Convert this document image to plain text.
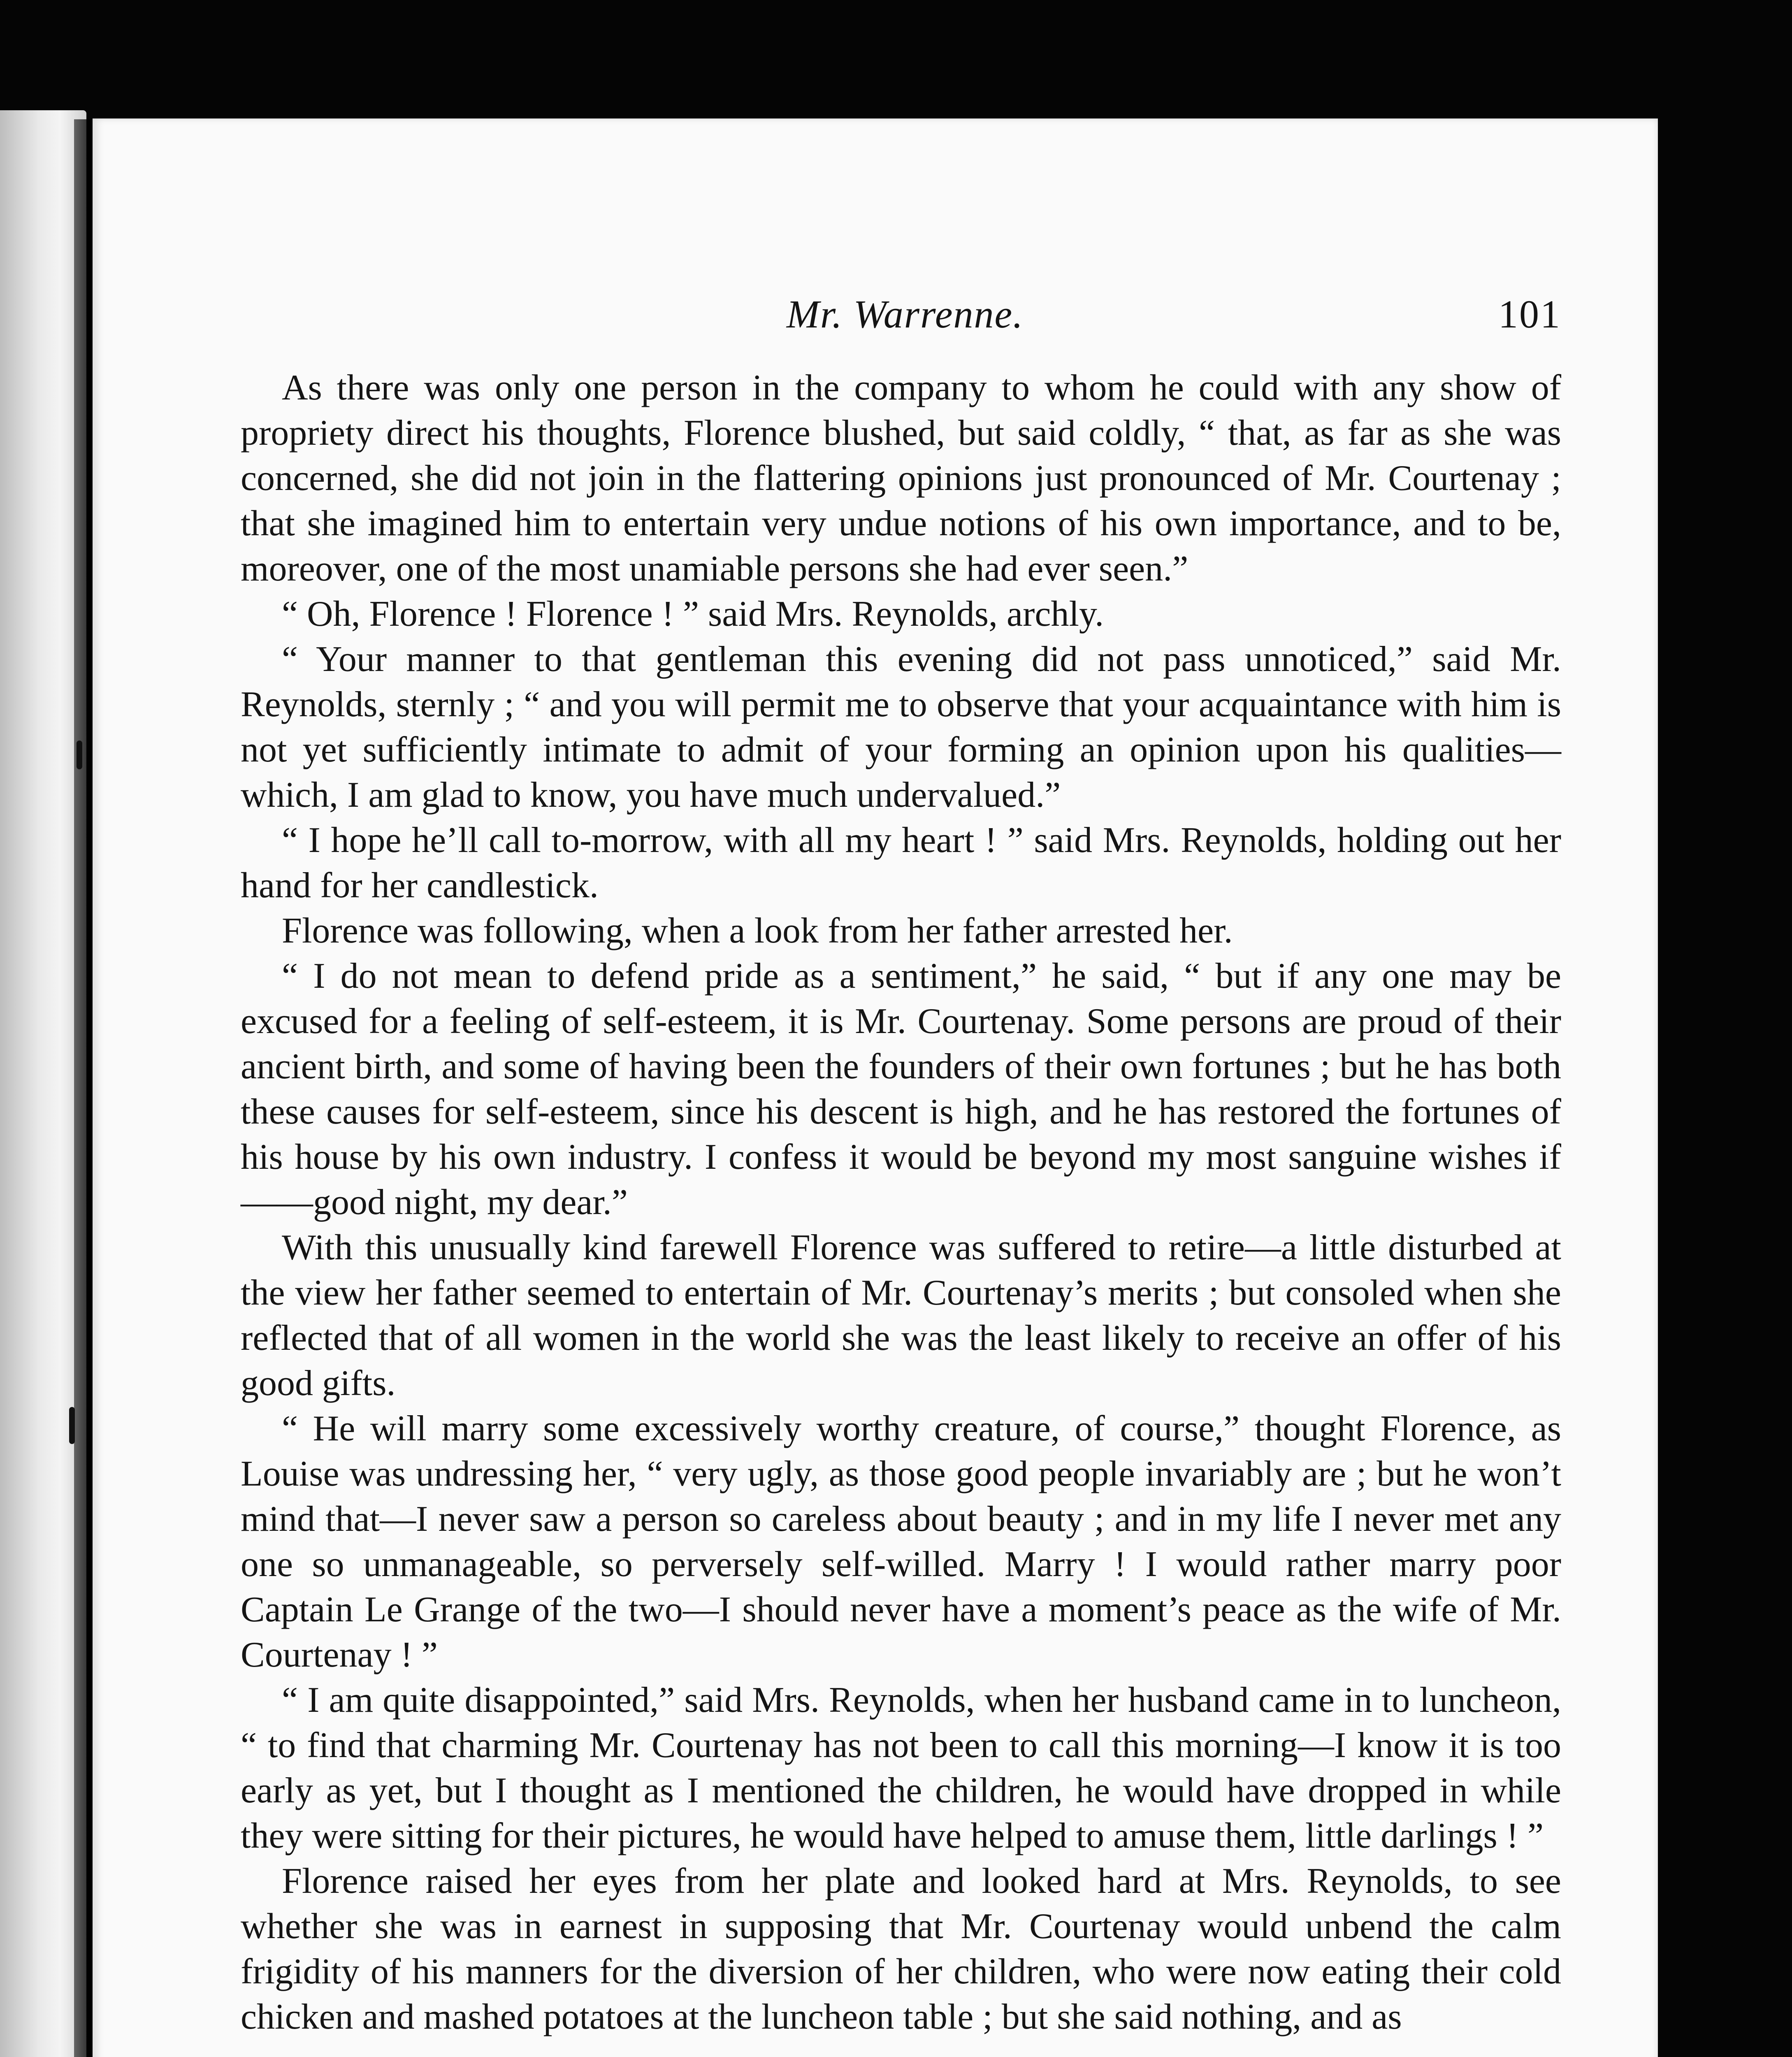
Mr. Warrenne.	101

As there was only one person in the company to whom he could with any show of propriety direct his thoughts, Florence blushed, but said coldly, “ that, as far as she was concerned, she did not join in the flattering opinions just pronounced of Mr. Courtenay ; that she imagined him to entertain very undue notions of his own importance, and to be, moreover, one of the most unamiable persons she had ever seen.”

“ Oh, Florence ! Florence ! ” said Mrs. Reynolds, archly.

“ Your manner to that gentleman this evening did not pass unnoticed,” said Mr. Reynolds, sternly ; “ and you will permit me to observe that your acquaintance with him is not yet sufficiently intimate to admit of your forming an opinion upon his qualities—which, I am glad to know, you have much undervalued.”

“ I hope he’ll call to-morrow, with all my heart ! ” said Mrs. Reynolds, holding out her hand for her candlestick.

Florence was following, when a look from her father arrested her.

“ I do not mean to defend pride as a sentiment,” he said, “ but if any one may be excused for a feeling of self-esteem, it is Mr. Courtenay. Some persons are proud of their ancient birth, and some of having been the founders of their own fortunes ; but he has both these causes for self-esteem, since his descent is high, and he has restored the fortunes of his house by his own industry. I confess it would be beyond my most sanguine wishes if——good night, my dear.”

With this unusually kind farewell Florence was suffered to retire—a little disturbed at the view her father seemed to entertain of Mr. Courtenay’s merits ; but consoled when she reflected that of all women in the world she was the least likely to receive an offer of his good gifts.

“ He will marry some excessively worthy creature, of course,” thought Florence, as Louise was undressing her, “ very ugly, as those good people invariably are ; but he won’t mind that—I never saw a person so careless about beauty ; and in my life I never met any one so unmanageable, so perversely self-willed. Marry ! I would rather marry poor Captain Le Grange of the two—I should never have a moment’s peace as the wife of Mr. Courtenay ! ”

“ I am quite disappointed,” said Mrs. Reynolds, when her husband came in to luncheon, “ to find that charming Mr. Courtenay has not been to call this morning—I know it is too early as yet, but I thought as I mentioned the children, he would have dropped in while they were sitting for their pictures, he would have helped to amuse them, little darlings ! ”

Florence raised her eyes from her plate and looked hard at Mrs. Reynolds, to see whether she was in earnest in supposing that Mr. Courtenay would unbend the calm frigidity of his manners for the diversion of her children, who were now eating their cold chicken and mashed potatoes at the luncheon table ; but she said nothing, and as
